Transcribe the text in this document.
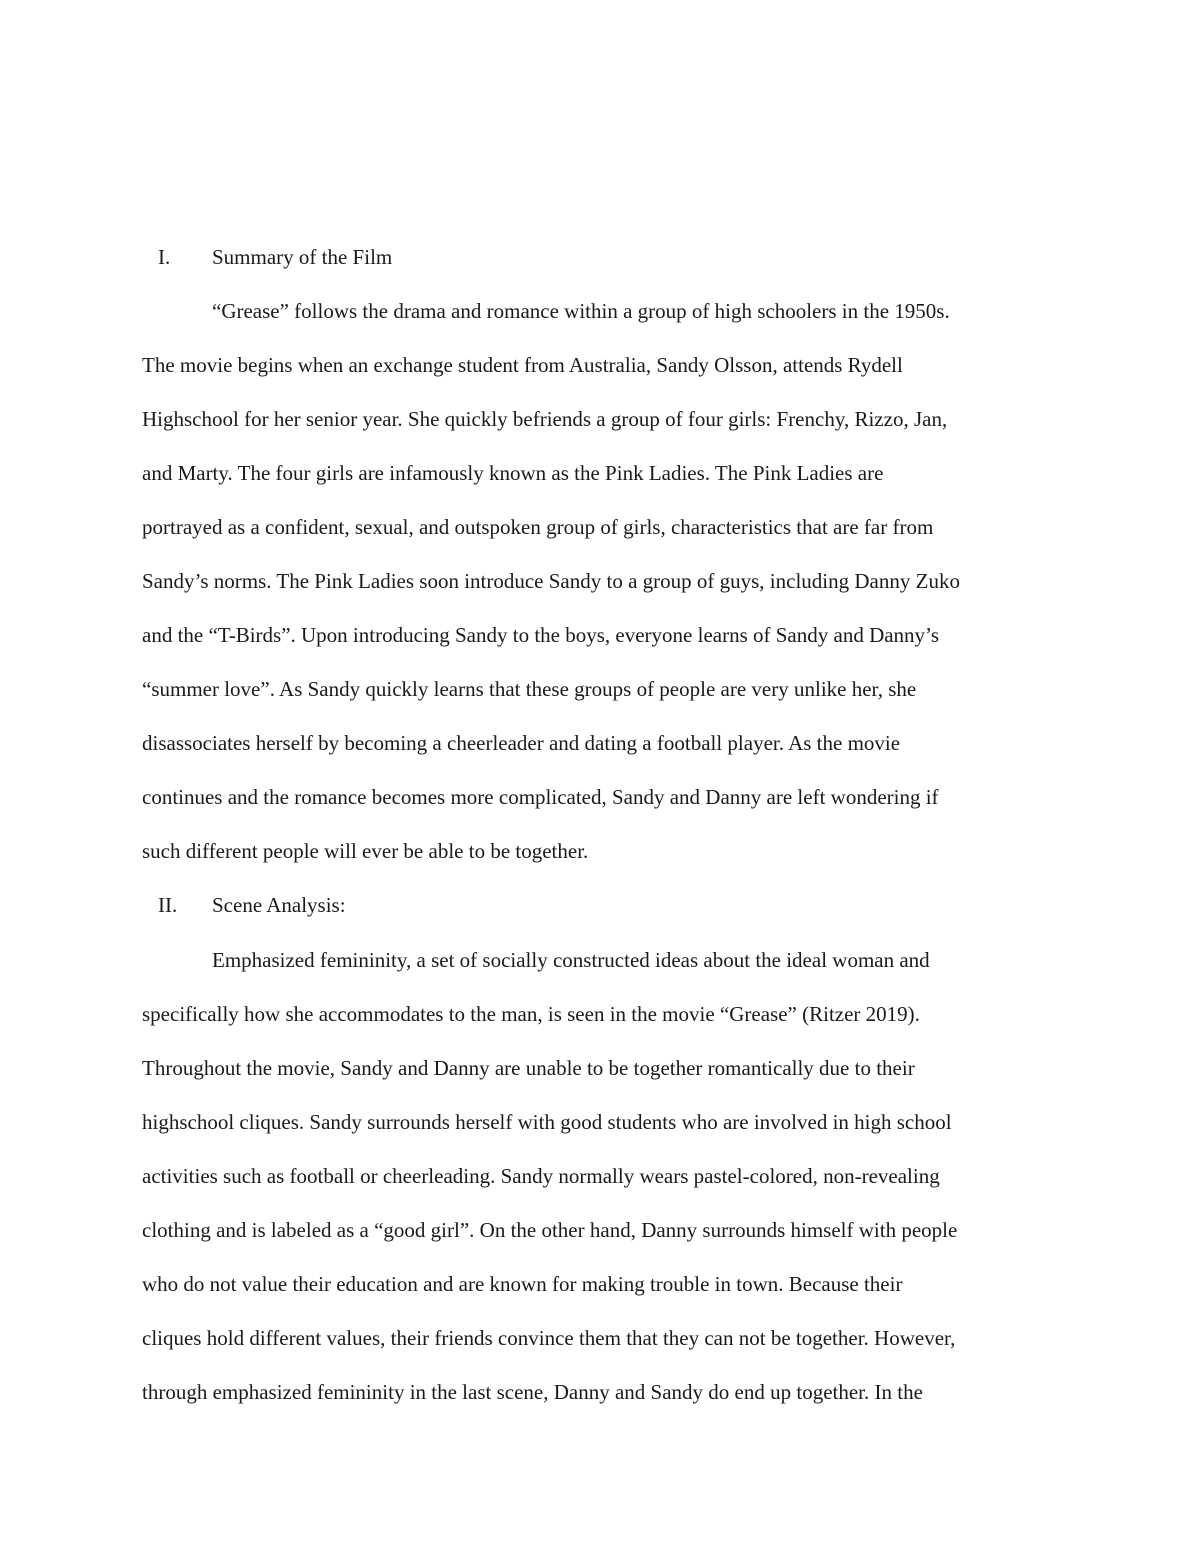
I. Summary of the Film
“Grease” follows the drama and romance within a group of high schoolers in the 1950s.
The movie begins when an exchange student from Australia, Sandy Olsson, attends Rydell
Highschool for her senior year. She quickly befriends a group of four girls: Frenchy, Rizzo, Jan,
and Marty. The four girls are infamously known as the Pink Ladies. The Pink Ladies are
portrayed as a confident, sexual, and outspoken group of girls, characteristics that are far from
Sandy’s norms. The Pink Ladies soon introduce Sandy to a group of guys, including Danny Zuko
and the “T-Birds”. Upon introducing Sandy to the boys, everyone learns of Sandy and Danny’s
“summer love”. As Sandy quickly learns that these groups of people are very unlike her, she
disassociates herself by becoming a cheerleader and dating a football player. As the movie
continues and the romance becomes more complicated, Sandy and Danny are left wondering if
such different people will ever be able to be together.
II. Scene Analysis:
Emphasized femininity, a set of socially constructed ideas about the ideal woman and
specifically how she accommodates to the man, is seen in the movie “Grease” (Ritzer 2019).
Throughout the movie, Sandy and Danny are unable to be together romantically due to their
highschool cliques. Sandy surrounds herself with good students who are involved in high school
activities such as football or cheerleading. Sandy normally wears pastel-colored, non-revealing
clothing and is labeled as a “good girl”. On the other hand, Danny surrounds himself with people
who do not value their education and are known for making trouble in town. Because their
cliques hold different values, their friends convince them that they can not be together. However,
through emphasized femininity in the last scene, Danny and Sandy do end up together. In the
